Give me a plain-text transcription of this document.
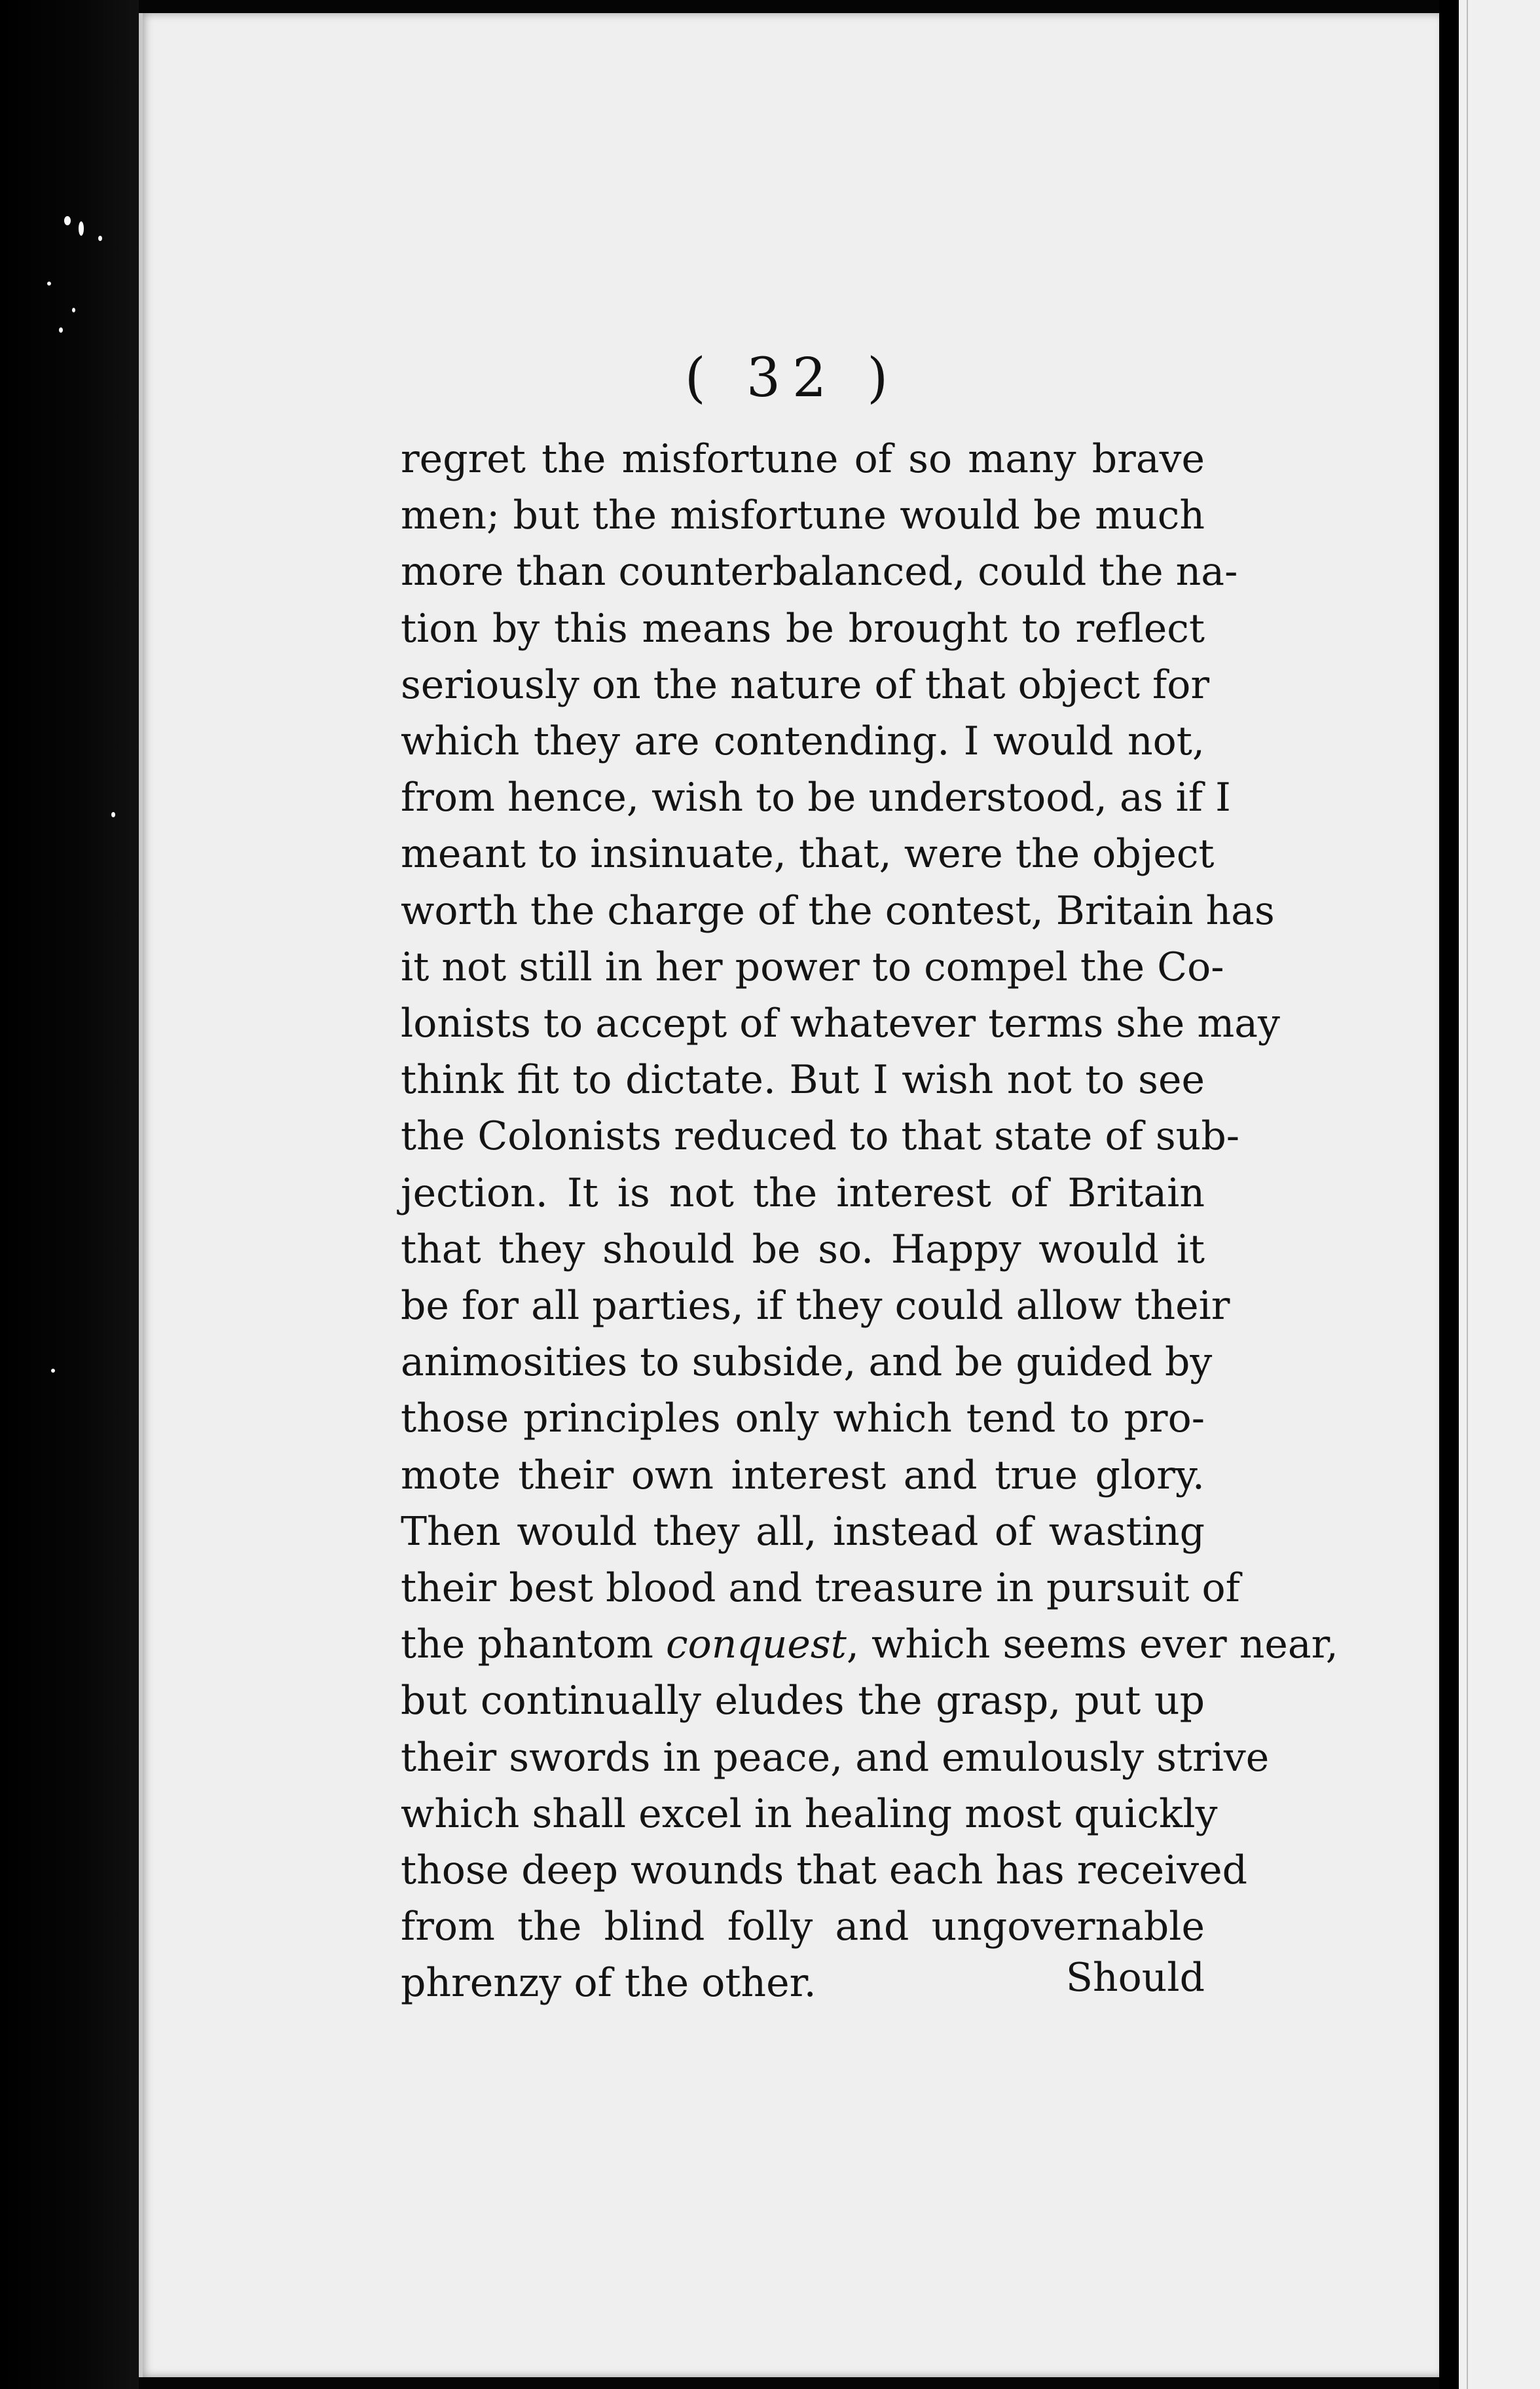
( 32 )
regret the misfortune of so many brave
men; but the misfortune would be much
more than counterbalanced, could the na-
tion by this means be brought to reflect
seriously on the nature of that object for
which they are contending. I would not,
from hence, wish to be understood, as if I
meant to insinuate, that, were the object
worth the charge of the contest, Britain has
it not still in her power to compel the Co-
lonists to accept of whatever terms she may
think fit to dictate. But I wish not to see
the Colonists reduced to that state of sub-
jection. It is not the interest of Britain
that they should be so. Happy would it
be for all parties, if they could allow their
animosities to subside, and be guided by
those principles only which tend to pro-
mote their own interest and true glory.
Then would they all, instead of wasting
their best blood and treasure in pursuit of
the phantom conquest, which seems ever near,
but continually eludes the grasp, put up
their swords in peace, and emulously strive
which shall excel in healing most quickly
those deep wounds that each has received
from the blind folly and ungovernable
phrenzy of the other.	Should
